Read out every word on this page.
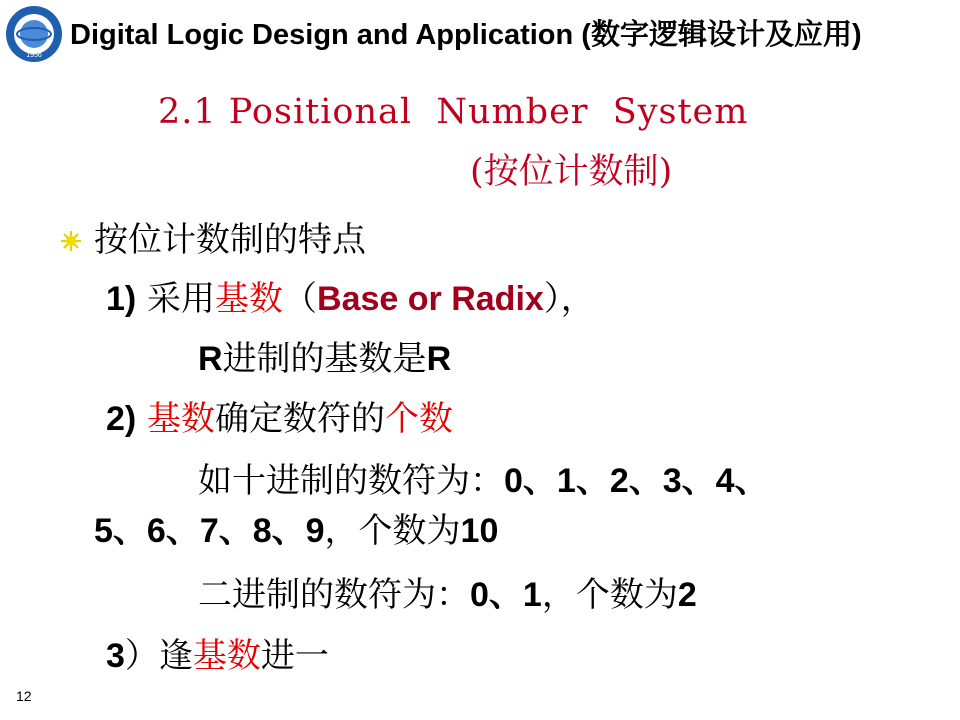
1956
Digital Logic Design and Application (数字逻辑设计及应用)
2.1 Positional  Number  System
(按位计数制)
按位计数制的特点
1) 采用基数（Base or Radix），
R进制的基数是R
2) 基数确定数符的个数
如十进制的数符为：0、1、2、3、4、
5、6、7、8、9，个数为10
二进制的数符为：0、1，个数为2
3）逢基数进一
12
